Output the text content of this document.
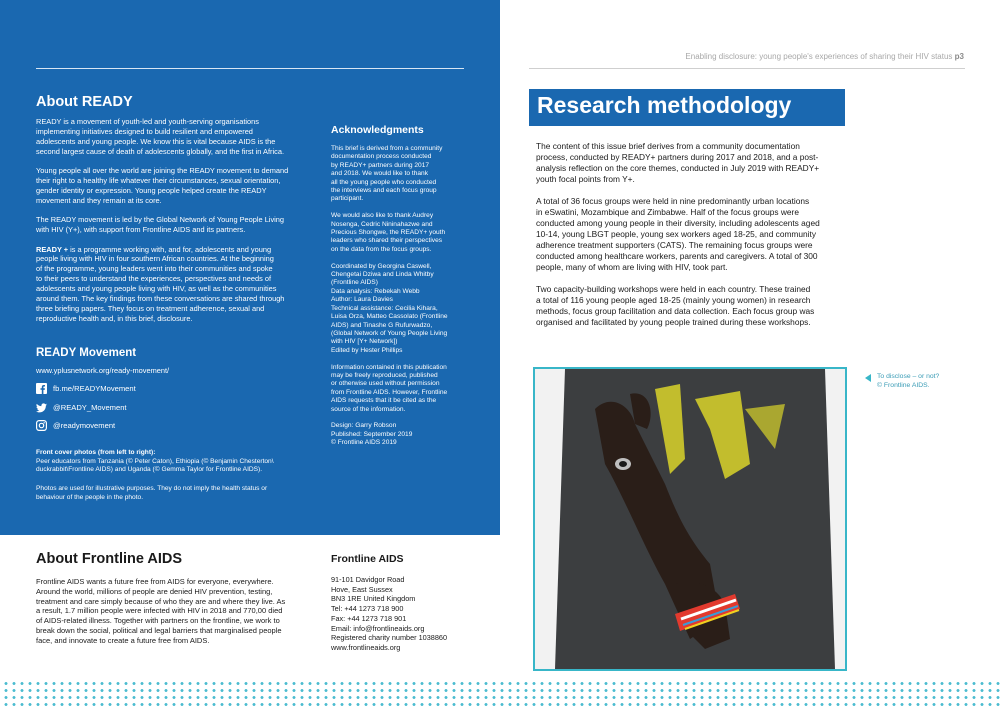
About READY

READY is a movement of youth-led and youth-serving organisations
implementing initiatives designed to build resilient and empowered
adolescents and young people. We know this is vital because AIDS is the
second largest cause of death of adolescents globally, and the first in Africa.

Young people all over the world are joining the READY movement to demand
their right to a healthy life whatever their circumstances, sexual orientation,
gender identity or expression. Young people helped create the READY
movement and they remain at its core.

The READY movement is led by the Global Network of Young People Living
with HIV (Y+), with support from Frontline AIDS and its partners.

READY + is a programme working with, and for, adolescents and young
people living with HIV in four southern African countries. At the beginning
of the programme, young leaders went into their communities and spoke
to their peers to understand the experiences, perspectives and needs of
adolescents and young people living with HIV, as well as the communities
around them. The key findings from these conversations are shared through
three briefing papers. They focus on treatment adherence, sexual and
reproductive health and, in this brief, disclosure.

READY Movement
www.yplusnetwork.org/ready-movement/
fb.me/READYMovement
@READY_Movement
@readymovement
Front cover photos (from left to right):
Peer educators from Tanzania (© Peter Caton), Ethiopia (© Benjamin Chesterton\
duckrabbit\Frontline AIDS) and Uganda (© Gemma Taylor for Frontline AIDS).
Photos are used for illustrative purposes. They do not imply the health status or
behaviour of the people in the photo.
Acknowledgments

This brief is derived from a community
documentation process conducted
by READY+ partners during 2017
and 2018. We would like to thank
all the young people who conducted
the interviews and each focus group
participant.

We would also like to thank Audrey
Nosenga, Cedric Nininahazwe and
Precious Shongwe, the READY+ youth
leaders who shared their perspectives
on the data from the focus groups.

Coordinated by Georgina Caswell,
Chengetai Dziwa and Linda Whitby
(Frontline AIDS)
Data analysis: Rebekah Webb
Author: Laura Davies
Technical assistance: Cecilia Kihara,
Luisa Orza, Matteo Cassolato (Frontline
AIDS) and Tinashe G Rufurwadzo,
(Global Network of Young People Living
with HIV [Y+ Network])
Edited by Hester Phillips

Information contained in this publication
may be freely reproduced, published
or otherwise used without permission
from Frontline AIDS. However, Frontline
AIDS requests that it be cited as the
source of the information.

Design: Garry Robson
Published: September 2019
© Frontline AIDS 2019

About Frontline AIDS
Frontline AIDS wants a future free from AIDS for everyone, everywhere.
Around the world, millions of people are denied HIV prevention, testing,
treatment and care simply because of who they are and where they live. As
a result, 1.7 million people were infected with HIV in 2018 and 770,00 died
of AIDS-related illness. Together with partners on the frontline, we work to
break down the social, political and legal barriers that marginalised people
face, and innovate to create a future free from AIDS.
Frontline AIDS
91-101 Davidgor Road
Hove, East Sussex
BN3 1RE United Kingdom
Tel: +44 1273 718 900
Fax: +44 1273 718 901
Email: info@frontlineaids.org
Registered charity number 1038860
www.frontlineaids.org
Enabling disclosure: young people's experiences of sharing their HIV status p3
Research methodology

The content of this issue brief derives from a community documentation
process, conducted by READY+ partners during 2017 and 2018, and a post-
analysis reflection on the core themes, conducted in July 2019 with READY+
youth focal points from Y+.

A total of 36 focus groups were held in nine predominantly urban locations
in eSwatini, Mozambique and Zimbabwe. Half of the focus groups were
conducted among young people in their diversity, including adolescents aged
10-14, young LBGT people, young sex workers aged 18-25, and community
adherence treatment supporters (CATS). The remaining focus groups were
conducted among healthcare workers, parents and caregivers. A total of 300
people, many of whom are living with HIV, took part.

Two capacity-building workshops were held in each country. These trained
a total of 116 young people aged 18-25 (mainly young women) in research
methods, focus group facilitation and data collection. Each focus group was
organised and facilitated by young people trained during these workshops.

To disclose – or not?
© Frontline AIDS.
